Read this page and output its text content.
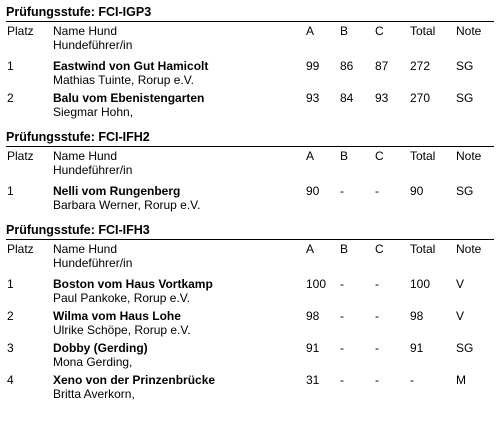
Prüfungsstufe: FCI-IGP3
Platz Name Hund
Hundeführer/in
A B C Total Note
1	Eastwind von Gut Hamicolt
Mathias Tuinte, Rorup e.V.
99 86 87 272 SG
2	Balu vom Ebenistengarten
Siegmar Hohn,
93 84 93 270 SG
Prüfungsstufe: FCI-IFH2
Platz Name Hund
Hundeführer/in
A B C Total Note
1	Nelli vom Rungenberg
Barbara Werner, Rorup e.V.
90 -	-	90	SG
Prüfungsstufe: FCI-IFH3
Platz Name Hund
Hundeführer/in
A B C Total Note
1	Boston vom Haus Vortkamp
Paul Pankoke, Rorup e.V.
100 -	-	100 V
2	Wilma vom Haus Lohe
Ulrike Schöpe, Rorup e.V.
98 -	-	98	V
3	Dobby (Gerding)
Mona Gerding,
91 -	-	91	SG
4	Xeno von der Prinzenbrücke
Britta Averkorn,
31 -	-	-	M
